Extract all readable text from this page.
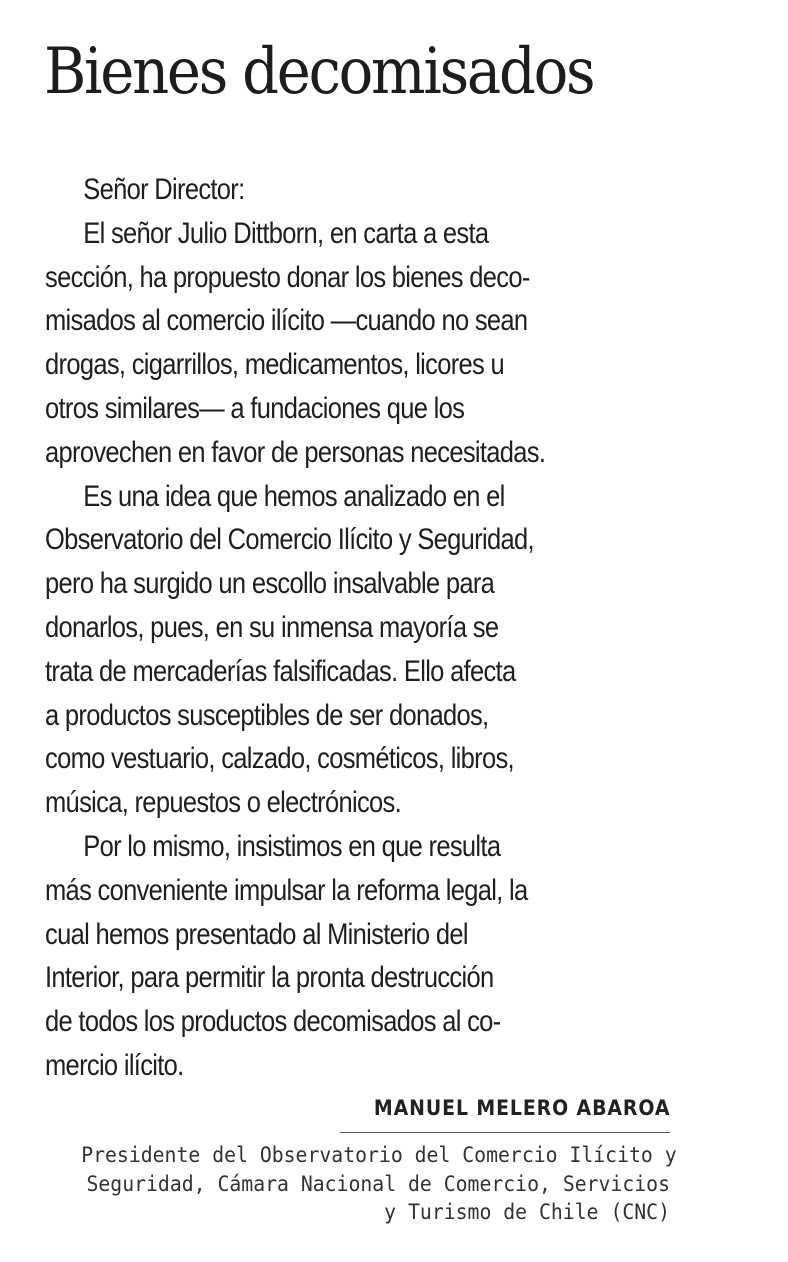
Bienes decomisados
Señor Director:
El señor Julio Dittborn, en carta a esta
sección, ha propuesto donar los bienes deco-
misados al comercio ilícito —cuando no sean
drogas, cigarrillos, medicamentos, licores u
otros similares— a fundaciones que los
aprovechen en favor de personas necesitadas.
Es una idea que hemos analizado en el
Observatorio del Comercio Ilícito y Seguridad,
pero ha surgido un escollo insalvable para
donarlos, pues, en su inmensa mayoría se
trata de mercaderías falsificadas. Ello afecta
a productos susceptibles de ser donados,
como vestuario, calzado, cosméticos, libros,
música, repuestos o electrónicos.
Por lo mismo, insistimos en que resulta
más conveniente impulsar la reforma legal, la
cual hemos presentado al Ministerio del
Interior, para permitir la pronta destrucción
de todos los productos decomisados al co-
mercio ilícito.
MANUEL MELERO ABAROA
Presidente del Observatorio del Comercio Ilícito y
Seguridad, Cámara Nacional de Comercio, Servicios
y Turismo de Chile (CNC)
